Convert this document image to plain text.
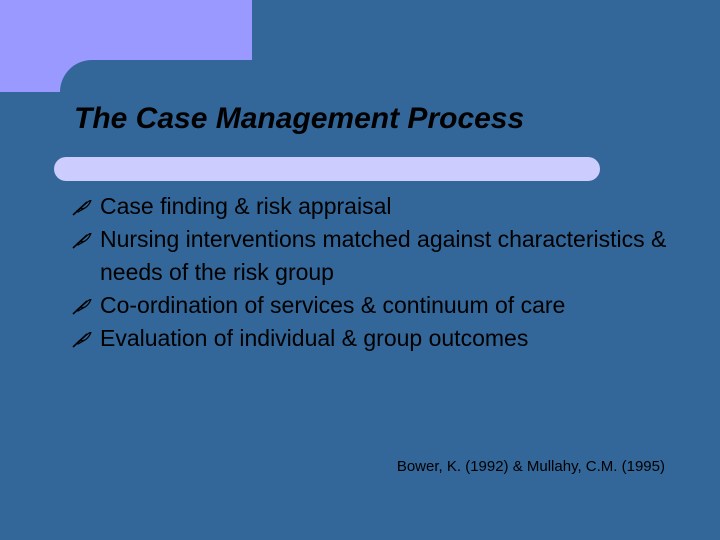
The Case Management Process
Case finding & risk appraisal
Nursing interventions matched against characteristics & needs of the risk group
Co-ordination of services & continuum of care
Evaluation of individual & group outcomes

Bower, K. (1992) & Mullahy, C.M. (1995)
